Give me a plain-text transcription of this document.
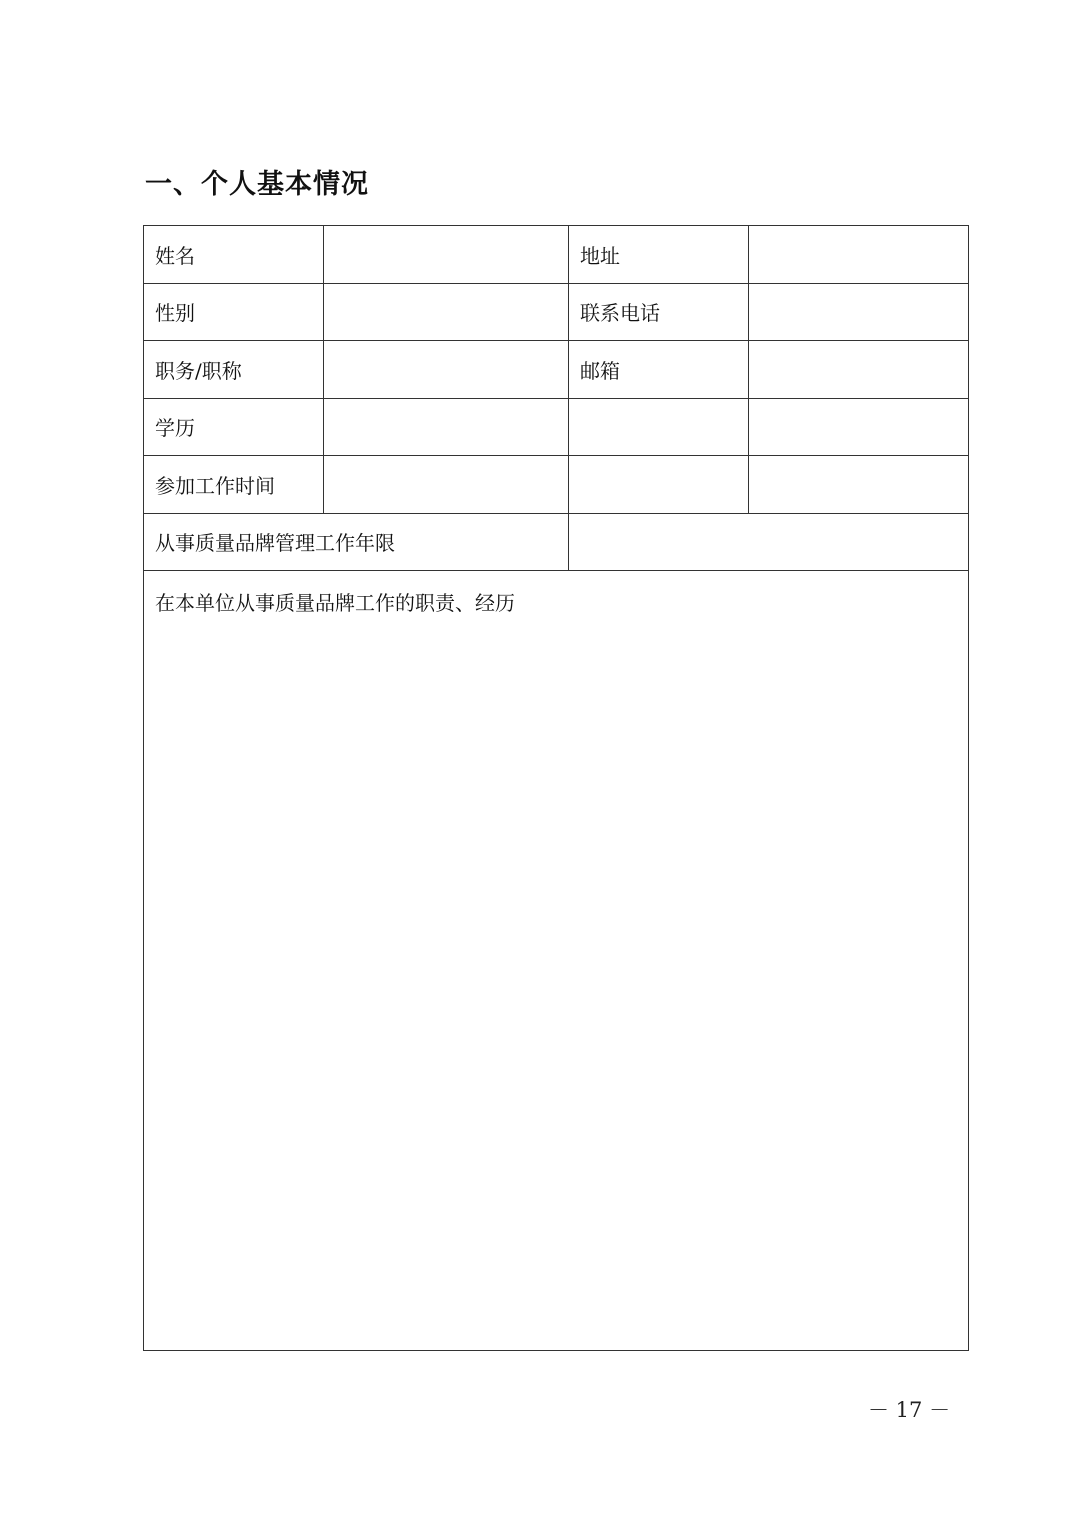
一、个人基本情况
姓名		地址	
性别		联系电话	
职务/职称		邮箱	
学历			
参加工作时间			
从事质量品牌管理工作年限			
在本单位从事质量品牌工作的职责、经历			
－ 17 －
